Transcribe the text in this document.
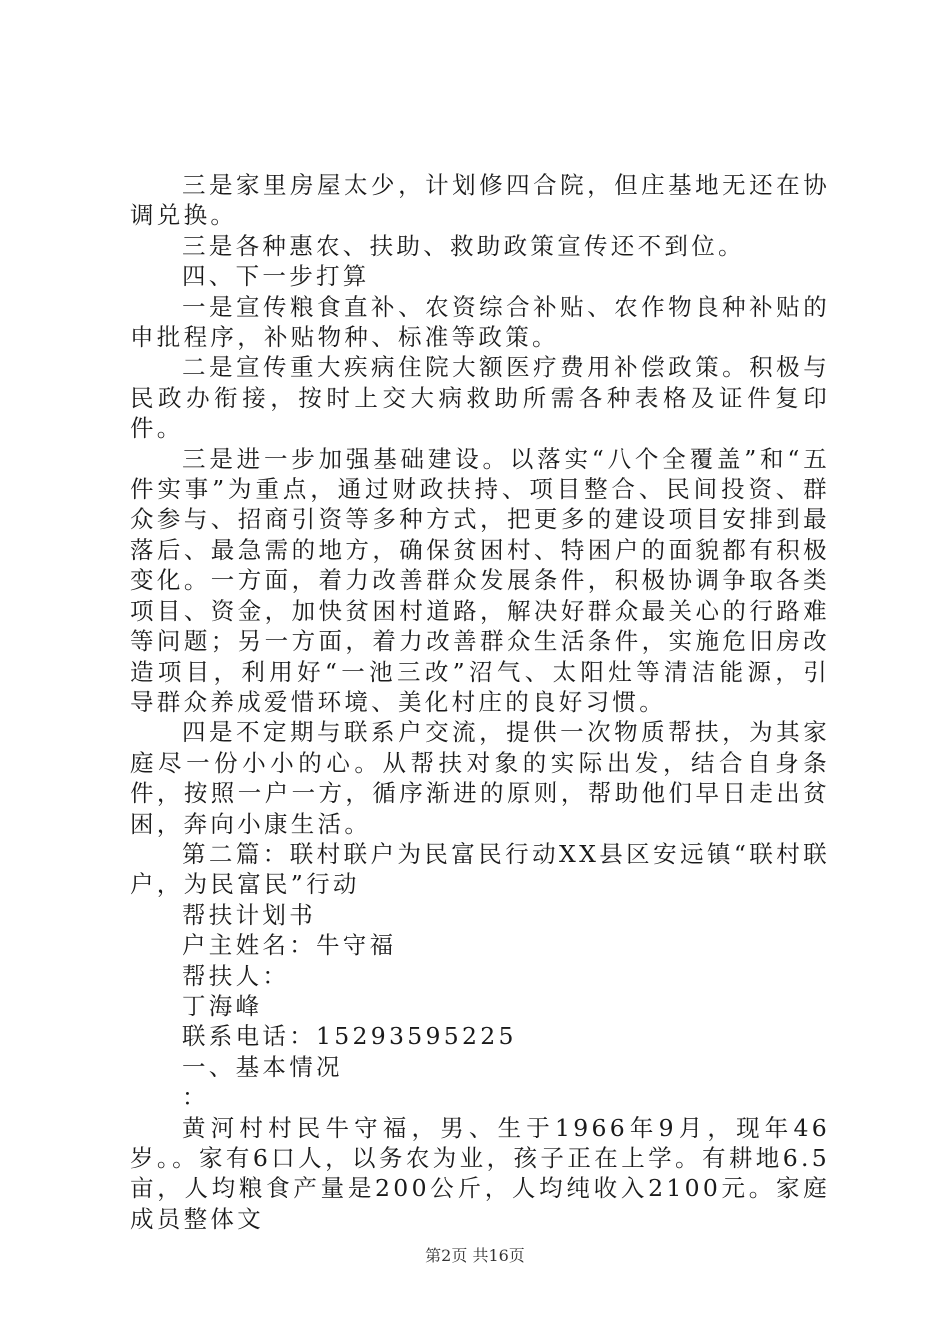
三是家里房屋太少，计划修四合院，但庄基地无还在协调兑换。

三是各种惠农、扶助、救助政策宣传还不到位。

四、下一步打算

一是宣传粮食直补、农资综合补贴、农作物良种补贴的申批程序，补贴物种、标准等政策。

二是宣传重大疾病住院大额医疗费用补偿政策。积极与民政办衔接，按时上交大病救助所需各种表格及证件复印件。

三是进一步加强基础建设。以落实“八个全覆盖”和“五件实事”为重点，通过财政扶持、项目整合、民间投资、群众参与、招商引资等多种方式，把更多的建设项目安排到最落后、最急需的地方，确保贫困村、特困户的面貌都有积极变化。一方面，着力改善群众发展条件，积极协调争取各类项目、资金，加快贫困村道路，解决好群众最关心的行路难等问题；另一方面，着力改善群众生活条件，实施危旧房改造项目，利用好“一池三改”沼气、太阳灶等清洁能源，引导群众养成爱惜环境、美化村庄的良好习惯。

四是不定期与联系户交流，提供一次物质帮扶，为其家庭尽一份小小的心。从帮扶对象的实际出发，结合自身条件，按照一户一方，循序渐进的原则，帮助他们早日走出贫困，奔向小康生活。

第二篇：联村联户为民富民行动XX县区安远镇“联村联户，为民富民”行动

帮扶计划书

户主姓名：牛守福

帮扶人：

丁海峰

联系电话：15293595225

一、基本情况

：

黄河村村民牛守福，男、生于1966年9月，现年46岁。。家有6口人，以务农为业，孩子正在上学。有耕地6.5亩，人均粮食产量是200公斤，人均纯收入2100元。家庭成员整体文

第2页 共16页
